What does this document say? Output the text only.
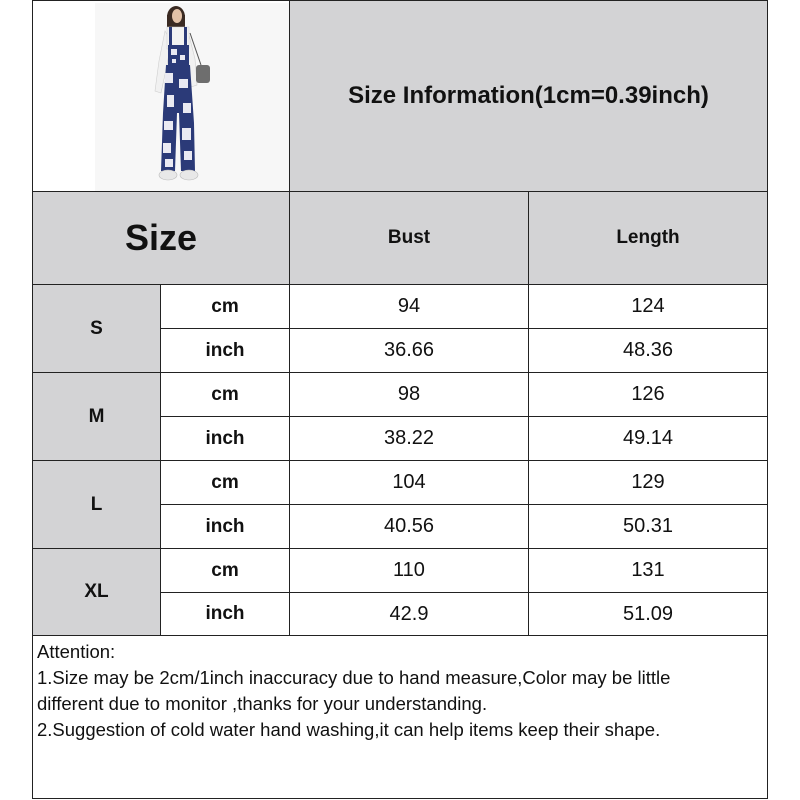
Size Information(1cm=0.39inch)
Size	Bust	Length
S
cm	94	124
inch	36.66	48.36
M
cm	98	126
inch	38.22	49.14
L
cm	104	129
inch	40.56	50.31
XL
cm	110	131
inch	42.9	51.09
Attention:
1.Size may be 2cm/1inch inaccuracy due to hand measure,Color may be little
different due to monitor ,thanks for your understanding.
2.Suggestion of cold water hand washing,it can help items keep their shape.
